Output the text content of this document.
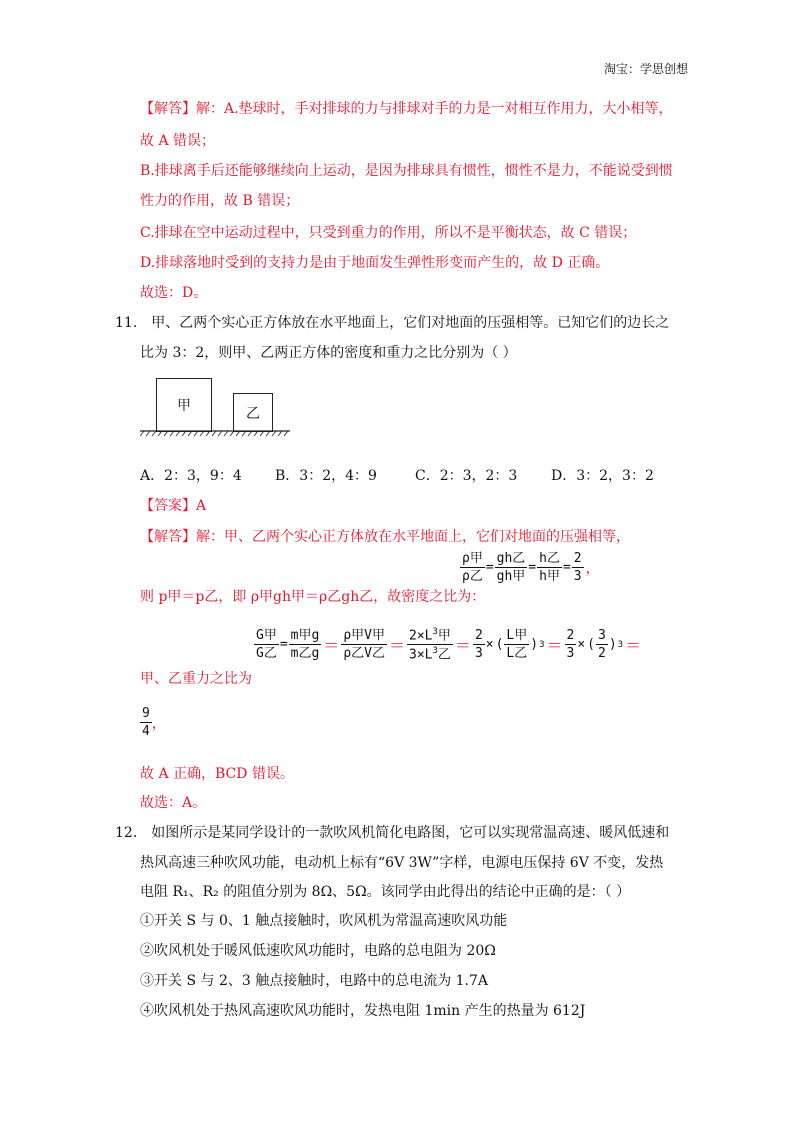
淘宝：学思创想
【解答】解：A.垫球时，手对排球的力与排球对手的力是一对相互作用力，大小相等，
故 A 错误；
B.排球离手后还能够继续向上运动，是因为排球具有惯性，惯性不是力，不能说受到惯
性力的作用，故 B 错误；
C.排球在空中运动过程中，只受到重力的作用，所以不是平衡状态，故 C 错误；
D.排球落地时受到的支持力是由于地面发生弹性形变而产生的，故 D 正确。
故选：D。
11． 甲、乙两个实心正方体放在水平地面上，它们对地面的压强相等。已知它们的边长之
比为 3：2，则甲、乙两正方体的密度和重力之比分别为（ ）
甲	乙
A．2：3，9：4 B．3：2，4：9	C．2：3，2：3 D．3：2，3：2
【答案】A
【解答】解：甲、乙两个实心正方体放在水平地面上，它们对地面的压强相等，
则 p甲＝p乙，即 ρ甲gh甲＝ρ乙gh乙，故密度之比为：
$\frac{\text{ρ甲}}{\text{ρ乙}} = \frac{\text{gh乙}}{\text{gh甲}} = \frac{\text{h乙}}{\text{h甲}} = \frac{2}{3}$ ，
甲、乙重力之比为
$\frac{\text{G甲}}{\text{G乙}} = \frac{\text{m甲g}}{\text{m乙g}} = \frac{\text{ρ甲V甲}}{\text{ρ乙V乙}} = \frac{2\times L^3甲}{3\times L^3乙} = \frac{2}{3}$ × ( $\frac{\text{L甲}}{\text{L乙}}$ ) $3 = \frac{2}{3}$ × ( $\frac{3}{2}$ ) 3 ＝
$\frac{9}{4}$ ，
故 A 正确，BCD 错误。
故选：A。
12． 如图所示是某同学设计的一款吹风机简化电路图，它可以实现常温高速、暖风低速和
热风高速三种吹风功能，电动机上标有“6V 3W”字样，电源电压保持 6V 不变，发热
电阻 R₁、R₂ 的阻值分别为 8Ω、5Ω。该同学由此得出的结论中正确的是：（ ）
①开关 S 与 0、1 触点接触时，吹风机为常温高速吹风功能
②吹风机处于暖风低速吹风功能时，电路的总电阻为 20Ω
③开关 S 与 2、3 触点接触时，电路中的总电流为 1.7A
④吹风机处于热风高速吹风功能时，发热电阻 1min 产生的热量为 612J
